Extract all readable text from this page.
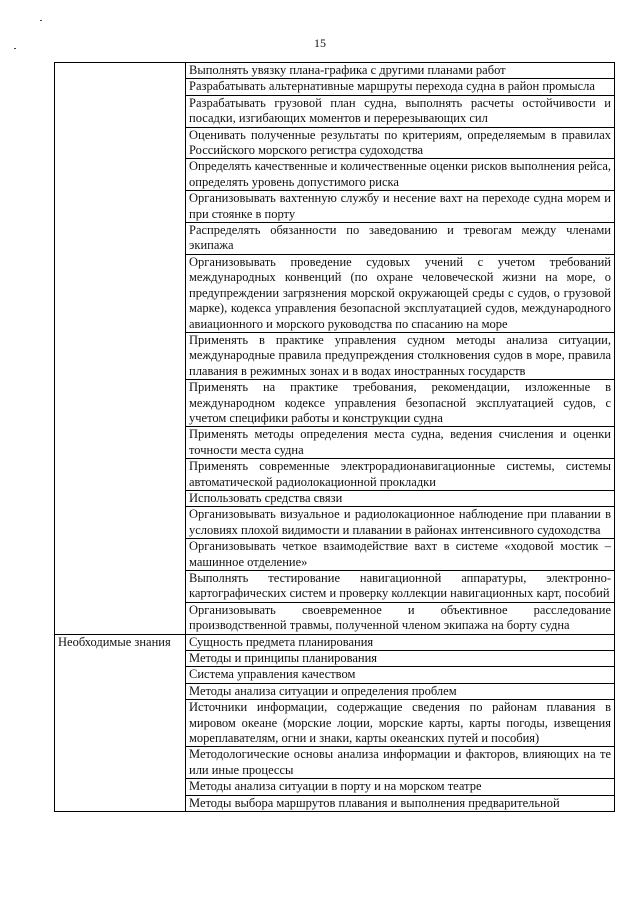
15
	Выполнять увязку плана-графика с другими планами работ
	Разрабатывать альтернативные маршруты перехода судна в район промысла
	Разрабатывать грузовой план судна, выполнять расчеты остойчивости и посадки, изгибающих моментов и перерезывающих сил
	Оценивать полученные результаты по критериям, определяемым в правилах Российского морского регистра судоходства
	Определять качественные и количественные оценки рисков выполнения рейса, определять уровень допустимого риска
	Организовывать вахтенную службу и несение вахт на переходе судна морем и при стоянке в порту
	Распределять обязанности по заведованию и тревогам между членами экипажа
	Организовывать проведение судовых учений с учетом требований международных конвенций (по охране человеческой жизни на море, о предупреждении загрязнения морской окружающей среды с судов, о грузовой марке), кодекса управления безопасной эксплуатацией судов, международного авиационного и морского руководства по спасанию на море
	Применять в практике управления судном методы анализа ситуации, международные правила предупреждения столкновения судов в море, правила плавания в режимных зонах и в водах иностранных государств
	Применять на практике требования, рекомендации, изложенные в международном кодексе управления безопасной эксплуатацией судов, с учетом специфики работы и конструкции судна
	Применять методы определения места судна, ведения счисления и оценки точности места судна
	Применять современные электрорадионавигационные системы, системы автоматической радиолокационной прокладки
	Использовать средства связи
	Организовывать визуальное и радиолокационное наблюдение при плавании в условиях плохой видимости и плавании в районах интенсивного судоходства
	Организовывать четкое взаимодействие вахт в системе «ходовой мостик – машинное отделение»
	Выполнять тестирование навигационной аппаратуры, электронно-картографических систем и проверку коллекции навигационных карт, пособий
	Организовывать своевременное и объективное расследование производственной травмы, полученной членом экипажа на борту судна
Необходимые знания	Сущность предмета планирования
	Методы и принципы планирования
	Система управления качеством
	Методы анализа ситуации и определения проблем
	Источники информации, содержащие сведения по районам плавания в мировом океане (морские лоции, морские карты, карты погоды, извещения мореплавателям, огни и знаки, карты океанских путей и пособия)
	Методологические основы анализа информации и факторов, влияющих на те или иные процессы
	Методы анализа ситуации в порту и на морском театре
	Методы выбора маршрутов плавания и выполнения предварительной
